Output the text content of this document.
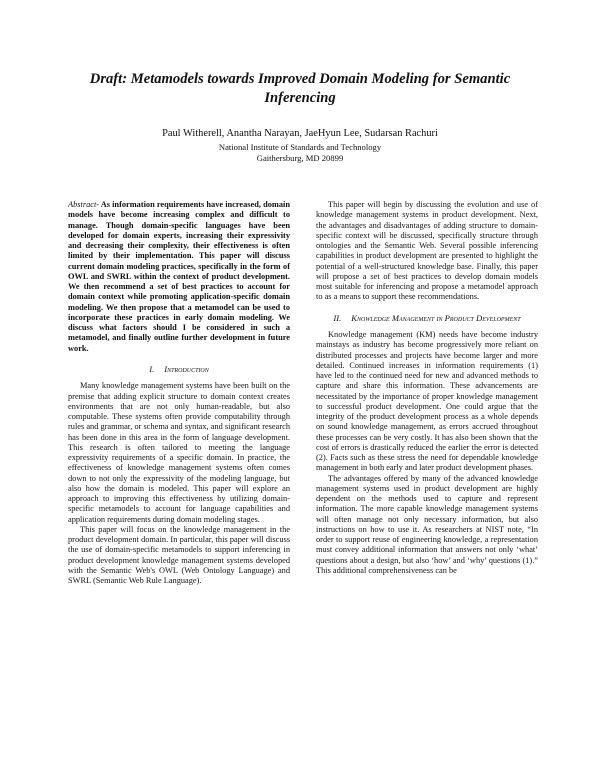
Draft: Metamodels towards Improved Domain Modeling for Semantic Inferencing
Paul Witherell, Anantha Narayan, JaeHyun Lee, Sudarsan Rachuri
National Institute of Standards and Technology
Gaithersburg, MD 20899

Abstract- As information requirements have increased, domain models have become increasing complex and difficult to manage. Though domain-specific languages have been developed for domain experts, increasing their expressivity and decreasing their complexity, their effectiveness is often limited by their implementation. This paper will discuss current domain modeling practices, specifically in the form of OWL and SWRL within the context of product development. We then recommend a set of best practices to account for domain context while promoting application-specific domain modeling. We then propose that a metamodel can be used to incorporate these practices in early domain modeling. We discuss what factors should I be considered in such a metamodel, and finally outline further development in future work.

I. Introduction

Many knowledge management systems have been built on the premise that adding explicit structure to domain context creates environments that are not only human-readable, but also computable. These systems often provide computability through rules and grammar, or schema and syntax, and significant research has been done in this area in the form of language development. This research is often tailored to meeting the language expressivity requirements of a specific domain. In practice, the effectiveness of knowledge management systems often comes down to not only the expressivity of the modeling language, but also how the domain is modeled. This paper will explore an approach to improving this effectiveness by utilizing domain-specific metamodels to account for language capabilities and application requirements during domain modeling stages.

This paper will focus on the knowledge management in the product development domain. In particular, this paper will discuss the use of domain-specific metamodels to support inferencing in product development knowledge management systems developed with the Semantic Web's OWL (Web Ontology Language) and SWRL (Semantic Web Rule Language).

This paper will begin by discussing the evolution and use of knowledge management systems in product development. Next, the advantages and disadvantages of adding structure to domain-specific context will be discussed, specifically structure through ontologies and the Semantic Web. Several possible inferencing capabilities in product development are presented to highlight the potential of a well-structured knowledge base. Finally, this paper will propose a set of best practices to develop domain models most suitable for inferencing and propose a metamodel approach to as a means to support these recommendations.

II. Knowledge Management in Product Development

Knowledge management (KM) needs have become industry mainstays as industry has become progressively more reliant on distributed processes and projects have become larger and more detailed. Continued increases in information requirements (1) have led to the continued need for new and advanced methods to capture and share this information. These advancements are necessitated by the importance of proper knowledge management to successful product development. One could argue that the integrity of the product development process as a whole depends on sound knowledge management, as errors accrued throughout these processes can be very costly. It has also been shown that the cost of errors is drastically reduced the earlier the error is detected (2). Facts such as these stress the need for dependable knowledge management in both early and later product development phases.

The advantages offered by many of the advanced knowledge management systems used in product development are highly dependent on the methods used to capture and represent information. The more capable knowledge management systems will often manage not only necessary information, but also instructions on how to use it. As researchers at NIST note, “In order to support reuse of engineering knowledge, a representation must convey additional information that answers not only ‘what’ questions about a design, but also ‘how’ and ‘why’ questions (1).” This additional comprehensiveness can be
